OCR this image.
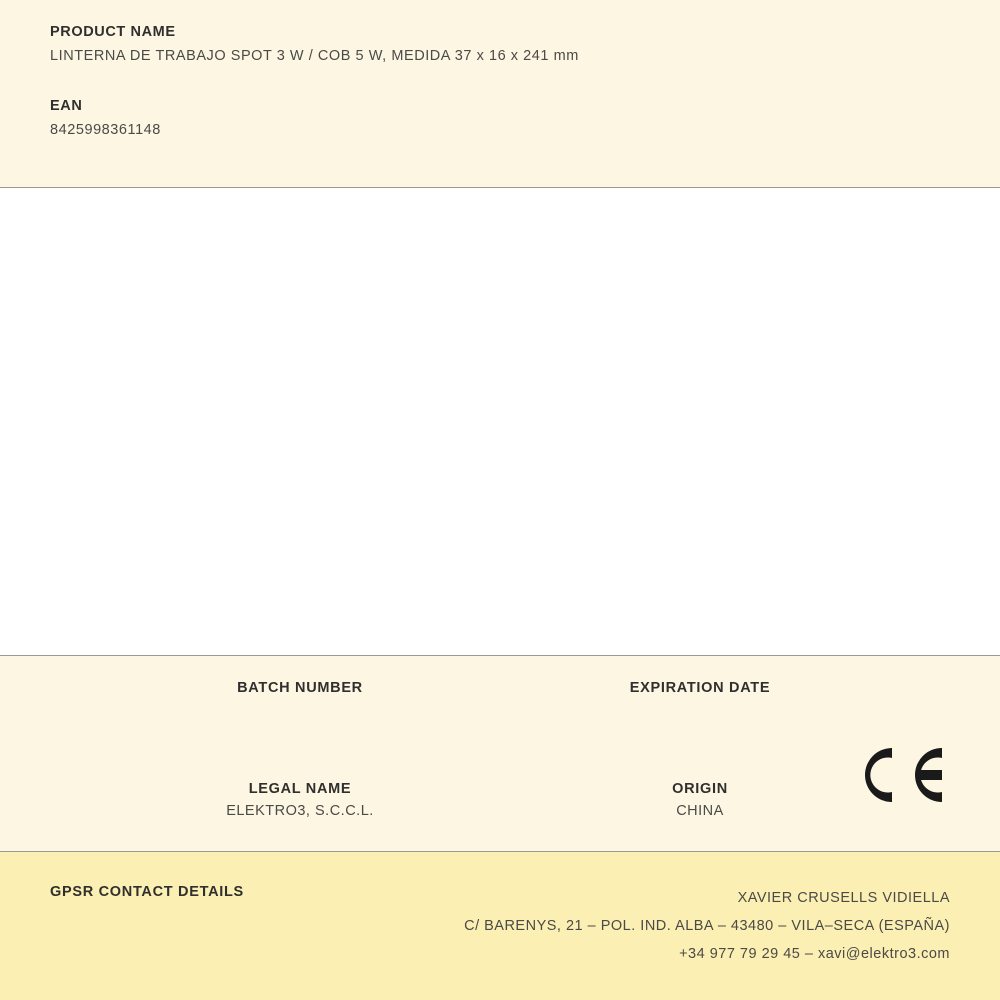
PRODUCT NAME

LINTERNA DE TRABAJO SPOT 3 W / COB 5 W, MEDIDA 37 x 16 x 241 mm

EAN

8425998361148

BATCH NUMBER	EXPIRATION DATE

LEGAL NAME

ELEKTRO3, S.C.C.L.

ORIGIN

CHINA

GPSR CONTACT DETAILS	XAVIER CRUSELLS VIDIELLA
C/ BARENYS, 21 – POL. IND. ALBA – 43480 – VILA–SECA (ESPAÑA)
+34 977 79 29 45 – xavi@elektro3.com
